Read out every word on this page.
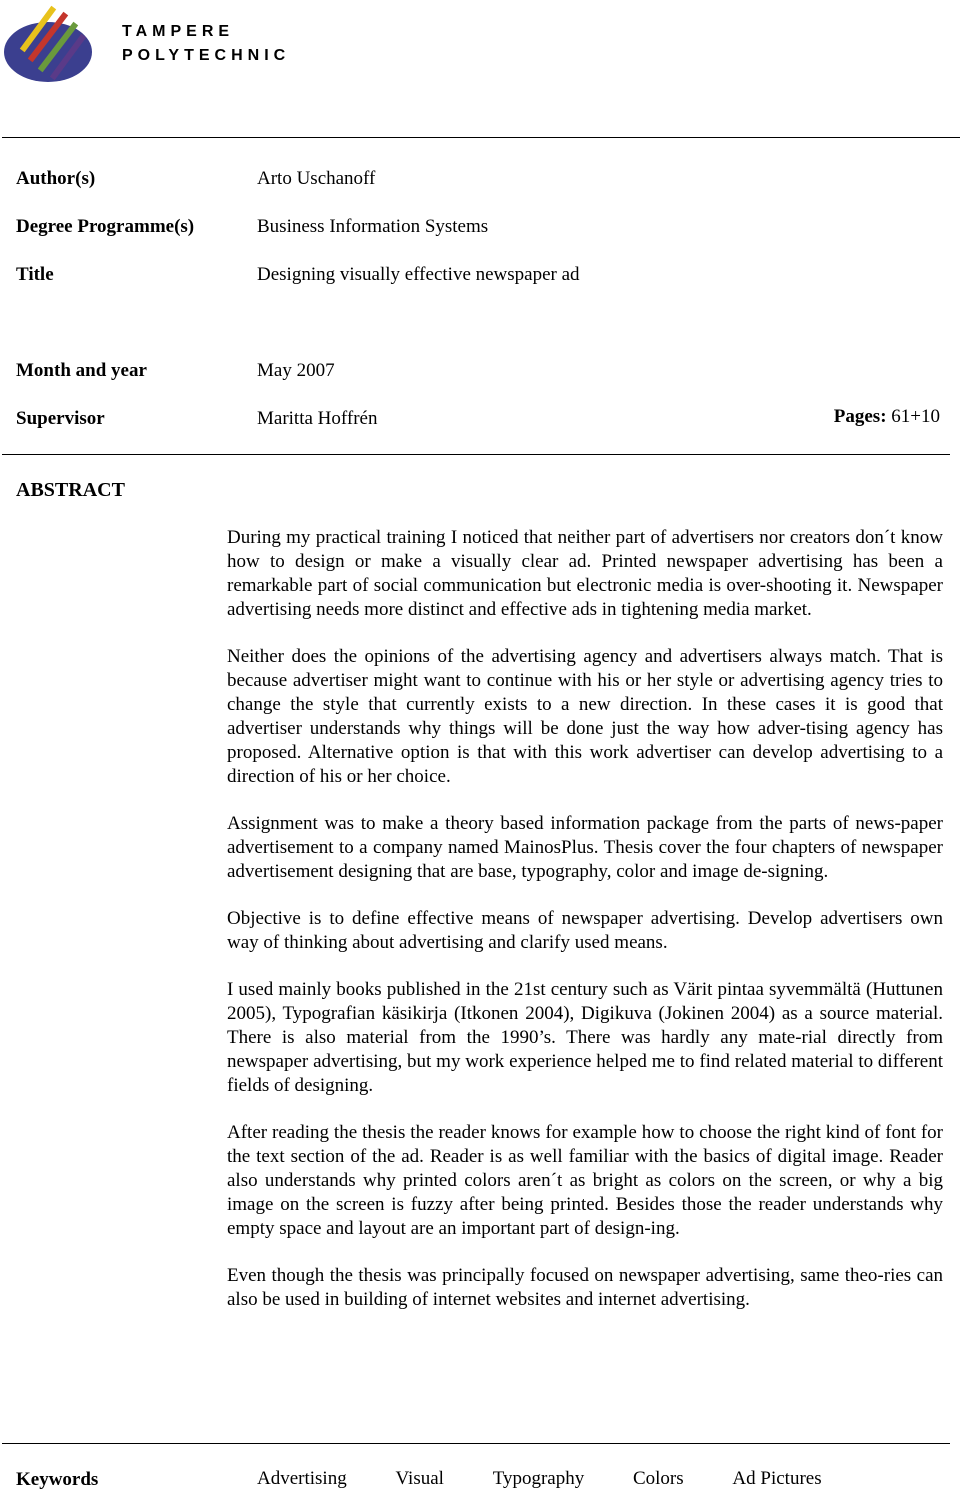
TAMPERE
POLYTECHNIC
Author(s)	Arto Uschanoff
Degree Programme(s)	Business Information Systems
Title	Designing visually effective newspaper ad
Month and year	May 2007
Supervisor	Maritta Hoffrén	Pages: 61+10
ABSTRACT

During my practical training I noticed that neither part of advertisers nor creators don´t know how to design or make a visually clear ad. Printed newspaper advertising has been a remarkable part of social communication but electronic media is over-shooting it. Newspaper advertising needs more distinct and effective ads in tightening media market.

Neither does the opinions of the advertising agency and advertisers always match. That is because advertiser might want to continue with his or her style or advertising agency tries to change the style that currently exists to a new direction. In these cases it is good that advertiser understands why things will be done just the way how adver-tising agency has proposed. Alternative option is that with this work advertiser can develop advertising to a direction of his or her choice.

Assignment was to make a theory based information package from the parts of news-paper advertisement to a company named MainosPlus. Thesis cover the four chapters of newspaper advertisement designing that are base, typography, color and image de-signing.

Objective is to define effective means of newspaper advertising. Develop advertisers own way of thinking about advertising and clarify used means.

I used mainly books published in the 21st century such as Värit pintaa syvemmältä (Huttunen 2005), Typografian käsikirja (Itkonen 2004), Digikuva (Jokinen 2004) as a source material. There is also material from the 1990’s. There was hardly any mate-rial directly from newspaper advertising, but my work experience helped me to find related material to different fields of designing.

After reading the thesis the reader knows for example how to choose the right kind of font for the text section of the ad. Reader is as well familiar with the basics of digital image. Reader also understands why printed colors aren´t as bright as colors on the screen, or why a big image on the screen is fuzzy after being printed. Besides those the reader understands why empty space and layout are an important part of design-ing.

Even though the thesis was principally focused on newspaper advertising, same theo-ries can also be used in building of internet websites and internet advertising.

Keywords	Advertising	Visual	Typography	Colors	Ad Pictures
